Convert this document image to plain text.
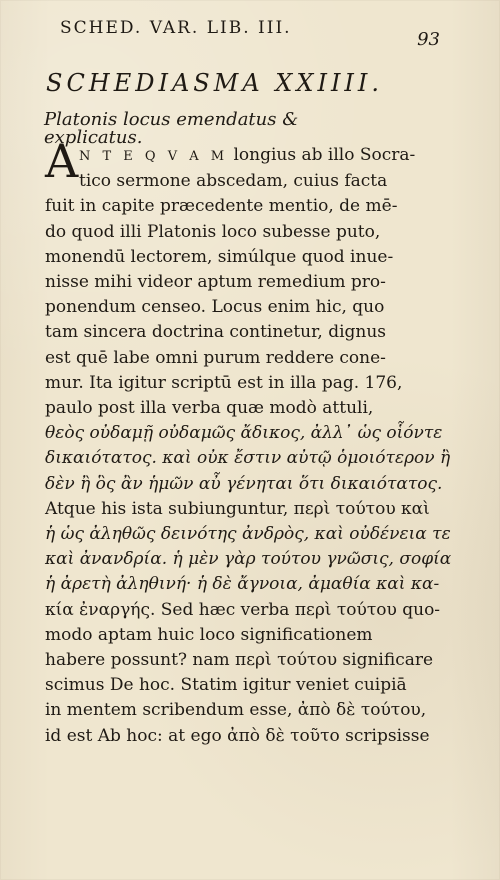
SCHED. VAR. LIB. III.
93
SCHEDIASMA XXIIII.
Platonis locus emendatus & explicatus.
A N T E Q V A M longius ab illo Socra-
tico sermone abscedam, cuius facta
fuit in capite præcedente mentio, de mē-
do quod illi Platonis loco subesse puto,
monendū lectorem, simúlque quod inue-
nisse mihi videor aptum remedium pro-
ponendum censeo. Locus enim hic, quo
tam sincera doctrina continetur, dignus
est quē labe omni purum reddere cone-
mur. Ita igitur scriptū est in illa pag. 176,
paulo post illa verba quæ modò attuli,
θεὸς οὐδαμῇ οὐδαμῶς ἄδικος, ἀλλ᾽ ὡς οἷόντε
δικαιότατος. καὶ οὐκ ἔστιν αὐτῷ ὁμοιότερον ἢ
δὲν ἢ ὃς ἂν ἡμῶν αὖ γένηται ὅτι δικαιότατος.
Atque his ista subiunguntur, περὶ τούτου καὶ
ἡ ὡς ἀληθῶς δεινότης ἀνδρὸς, καὶ οὐδένεια τε
καὶ ἀνανδρία. ἡ μὲν γὰρ τούτου γνῶσις, σοφία
ἡ ἀρετὴ ἀληθινή· ἡ δὲ ἄγνοια, ἀμαθία καὶ κα-
κία ἐναργής. Sed hæc verba περὶ τούτου quo-
modo aptam huic loco significationem
habere possunt? nam περὶ τούτου significare
scimus De hoc. Statim igitur veniet cuipiā
in mentem scribendum esse, ἀπὸ δὲ τούτου,
id est Ab hoc: at ego ἀπὸ δὲ τοῦτο scripsisse
